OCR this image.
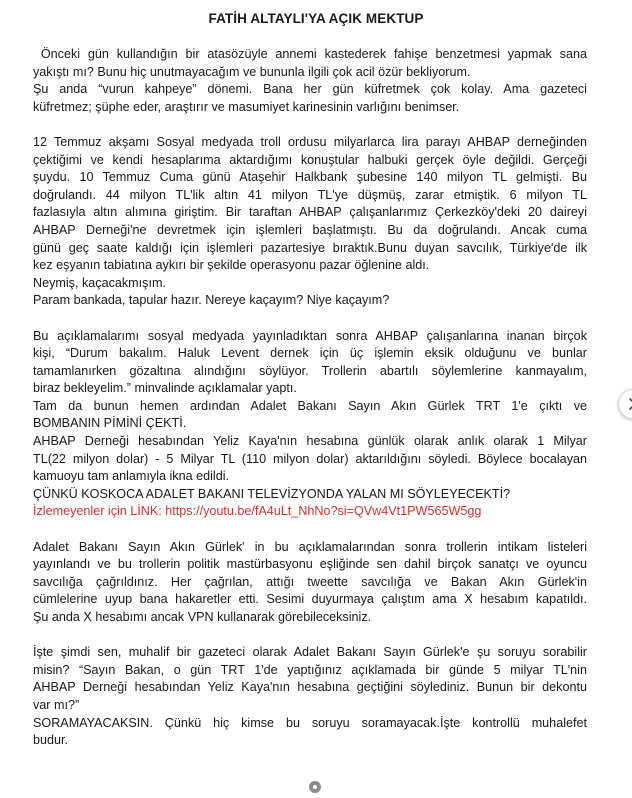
FATİH ALTAYLI'YA AÇIK MEKTUP
Önceki gün kullandığın bir atasözüyle annemi kastederek fahişe benzetmesi yapmak sana
yakıştı mı? Bunu hiç unutmayacağım ve bununla ilgili çok acil özür bekliyorum.
Şu anda “vurun kahpeye” dönemi. Bana her gün küfretmek çok kolay. Ama gazeteci
küfretmez; şüphe eder, araştırır ve masumiyet karinesinin varlığını benimser.
12 Temmuz akşamı Sosyal medyada troll ordusu milyarlarca lira parayı AHBAP derneğinden
çektiğimi ve kendi hesaplarıma aktardığımı konuştular halbuki gerçek öyle değildi. Gerçeği
şuydu. 10 Temmuz Cuma günü Ataşehir Halkbank şubesine 140 milyon TL gelmişti. Bu
doğrulandı. 44 milyon TL'lik altın 41 milyon TL'ye düşmüş, zarar etmiştik. 6 milyon TL
fazlasıyla altın alımına giriştim. Bir taraftan AHBAP çalışanlarımız Çerkezköy'deki 20 daireyi
AHBAP Derneği'ne devretmek için işlemleri başlatmıştı. Bu da doğrulandı. Ancak cuma
günü geç saate kaldığı için işlemleri pazartesiye bıraktık.Bunu duyan savcılık, Türkiye'de ilk
kez eşyanın tabiatına aykırı bir şekilde operasyonu pazar öğlenine aldı.
Neymiş, kaçacakmışım.
Param bankada, tapular hazır. Nereye kaçayım? Niye kaçayım?
Bu açıklamalarımı sosyal medyada yayınladıktan sonra AHBAP çalışanlarına inanan birçok
kişi, “Durum bakalım. Haluk Levent dernek için üç işlemin eksik olduğunu ve bunlar
tamamlanırken gözaltına alındığını söylüyor. Trollerin abartılı söylemlerine kanmayalım,
biraz bekleyelim.” minvalinde açıklamalar yaptı.
Tam da bunun hemen ardından Adalet Bakanı Sayın Akın Gürlek TRT 1'e çıktı ve
BOMBANIN PİMİNİ ÇEKTİ.
AHBAP Derneği hesabından Yeliz Kaya'nın hesabına günlük olarak anlık olarak 1 Milyar
TL(22 milyon dolar) - 5 Milyar TL (110 milyon dolar) aktarıldığını söyledi. Böylece bocalayan
kamuoyu tam anlamıyla ikna edildi.
ÇÜNKÜ KOSKOCA ADALET BAKANI TELEVİZYONDA YALAN MI SÖYLEYECEKTİ?
İzlemeyenler için LİNK: https://youtu.be/fA4uLt_NhNo?si=QVw4Vt1PW565W5gg
Adalet Bakanı Sayın Akın Gürlek' in bu açıklamalarından sonra trollerin intikam listeleri
yayınlandı ve bu trollerin politik mastürbasyonu eşliğinde sen dahil birçok sanatçı ve oyuncu
savcılığa çağrıldınız. Her çağrılan, attığı tweette savcılığa ve Bakan Akın Gürlek'in
cümlelerine uyup bana hakaretler etti. Sesimi duyurmaya çalıştım ama X hesabım kapatıldı.
Şu anda X hesabımı ancak VPN kullanarak görebileceksiniz.
İşte şimdi sen, muhalif bir gazeteci olarak Adalet Bakanı Sayın Gürlek'e şu soruyu sorabilir
misin? “Sayın Bakan, o gün TRT 1'de yaptığınız açıklamada bir günde 5 milyar TL'nin
AHBAP Derneği hesabından Yeliz Kaya'nın hesabına geçtiğini söylediniz. Bunun bir dekontu
var mı?”
SORAMAYACAKSIN. Çünkü hiç kimse bu soruyu soramayacak.İşte kontrollü muhalefet
budur.
